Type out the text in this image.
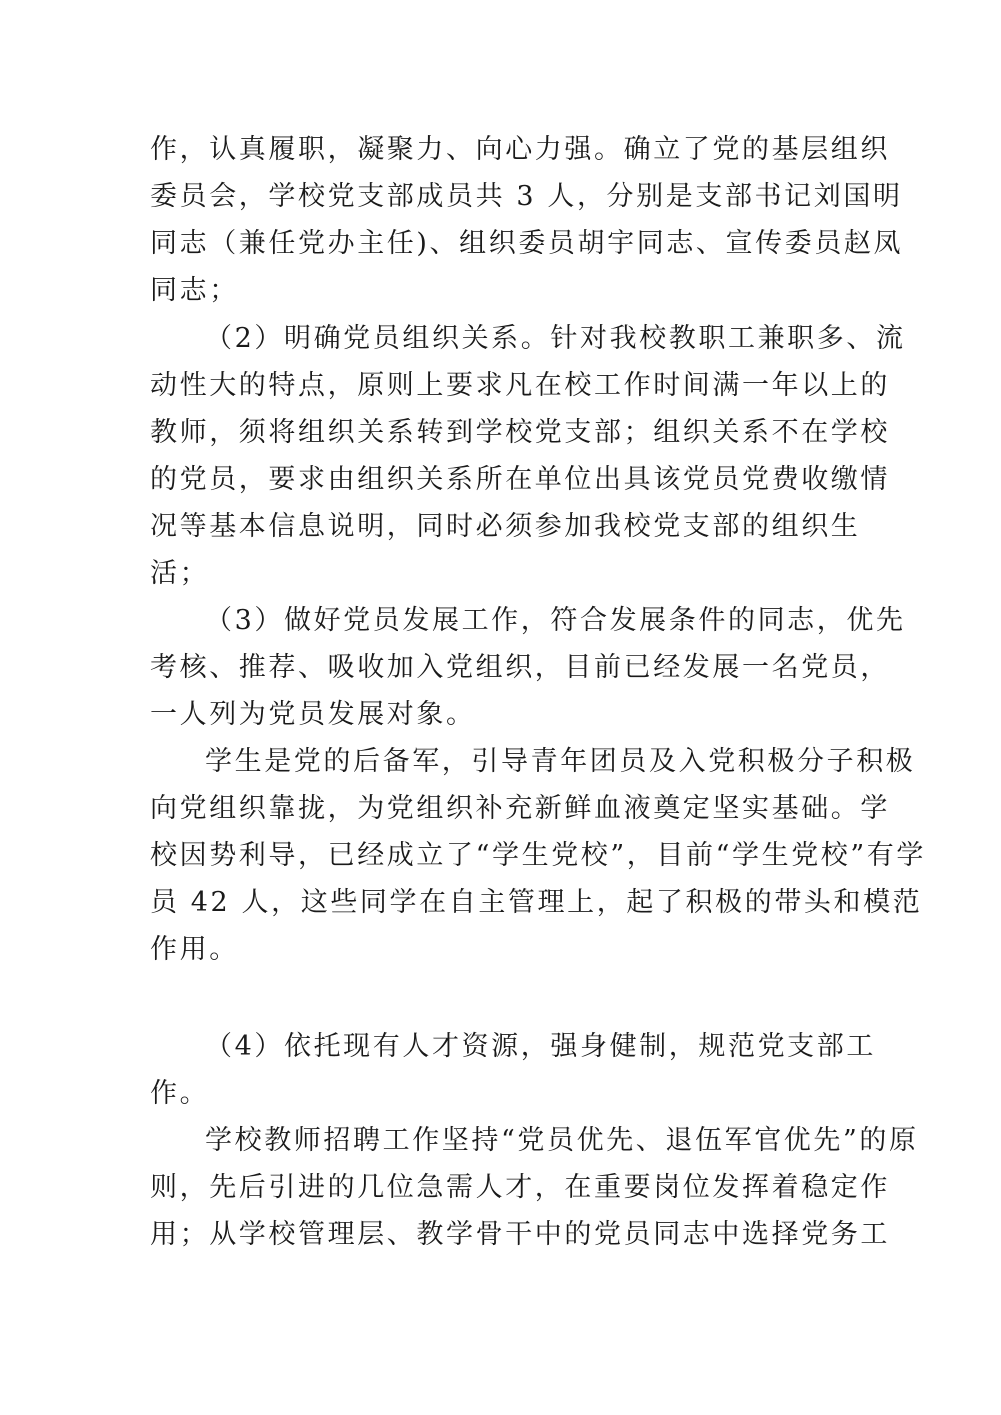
作，认真履职，凝聚力、向心力强。确立了党的基层组织
委员会，学校党支部成员共 3 人，分别是支部书记刘国明
同志（兼任党办主任)、组织委员胡宇同志、宣传委员赵凤
同志；
（2）明确党员组织关系。针对我校教职工兼职多、流
动性大的特点，原则上要求凡在校工作时间满一年以上的
教师，须将组织关系转到学校党支部；组织关系不在学校
的党员，要求由组织关系所在单位出具该党员党费收缴情
况等基本信息说明，同时必须参加我校党支部的组织生
活；
（3）做好党员发展工作，符合发展条件的同志，优先
考核、推荐、吸收加入党组织，目前已经发展一名党员，
一人列为党员发展对象。
学生是党的后备军，引导青年团员及入党积极分子积极
向党组织靠拢，为党组织补充新鲜血液奠定坚实基础。学
校因势利导，已经成立了“学生党校”，目前“学生党校”有学
员 42 人，这些同学在自主管理上，起了积极的带头和模范
作用。
（4）依托现有人才资源，强身健制，规范党支部工
作。
学校教师招聘工作坚持“党员优先、退伍军官优先”的原
则，先后引进的几位急需人才，在重要岗位发挥着稳定作
用；从学校管理层、教学骨干中的党员同志中选择党务工
